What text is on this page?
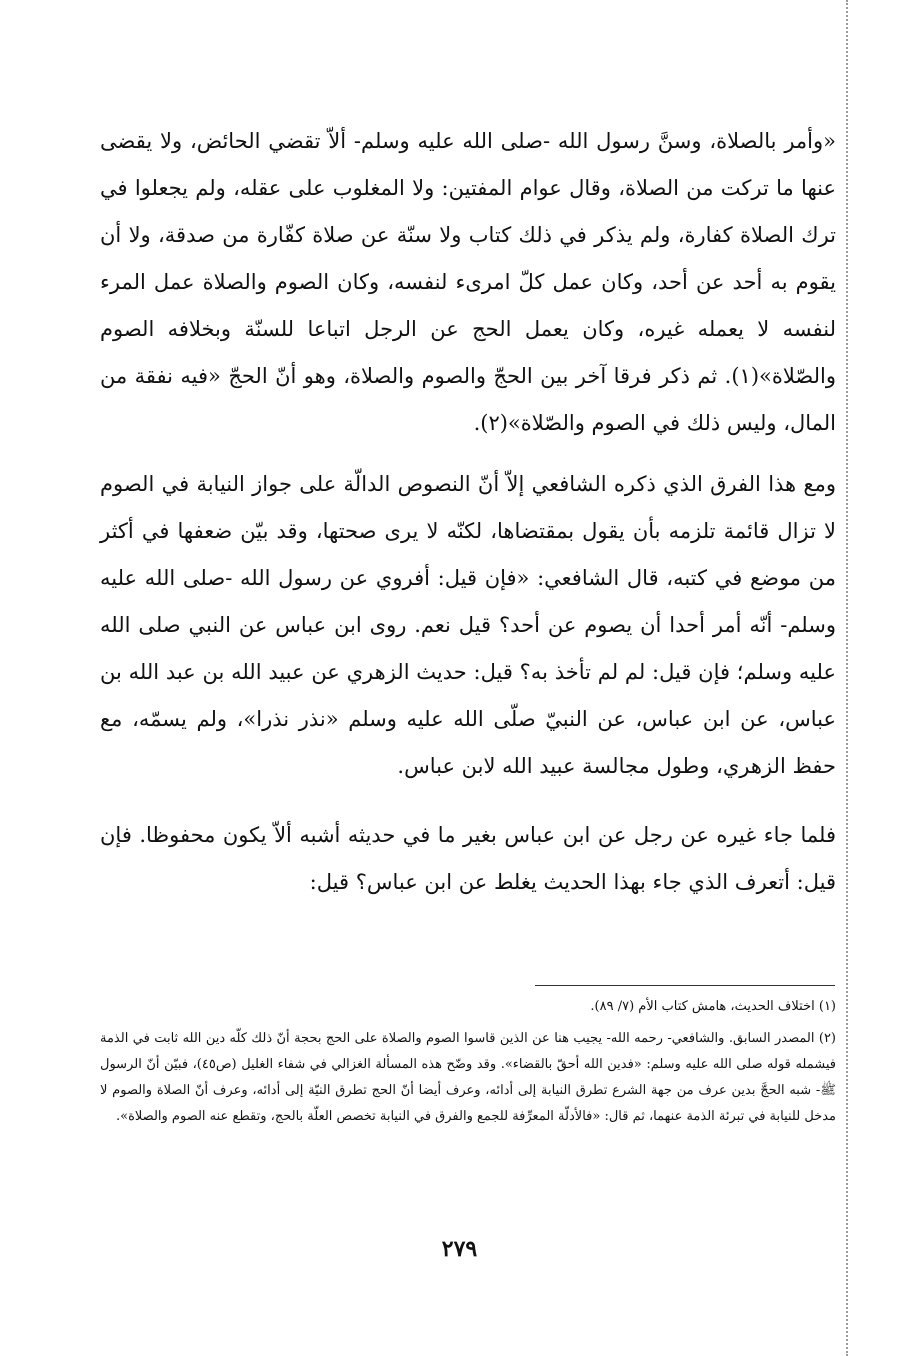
«وأمر بالصلاة، وسنَّ رسول الله -صلى الله عليه وسلم- ألاّ تقضي الحائض، ولا يقضى عنها ما تركت من الصلاة، وقال عوام المفتين: ولا المغلوب على عقله، ولم يجعلوا في ترك الصلاة كفارة، ولم يذكر في ذلك كتاب ولا سنّة عن صلاة كفّارة من صدقة، ولا أن يقوم به أحد عن أحد، وكان عمل كلّ امرىء لنفسه، وكان الصوم والصلاة عمل المرء لنفسه لا يعمله غيره، وكان يعمل الحج عن الرجل اتباعا للسنّة وبخلافه الصوم والصّلاة»(١). ثم ذكر فرقا آخر بين الحجّ والصوم والصلاة، وهو أنّ الحجّ «فيه نفقة من المال، وليس ذلك في الصوم والصّلاة»(٢).

ومع هذا الفرق الذي ذكره الشافعي إلاّ أنّ النصوص الدالّة على جواز النيابة في الصوم لا تزال قائمة تلزمه بأن يقول بمقتضاها، لكنّه لا يرى صحتها، وقد بيّن ضعفها في أكثر من موضع في كتبه، قال الشافعي: «فإن قيل: أفروي عن رسول الله -صلى الله عليه وسلم- أنّه أمر أحدا أن يصوم عن أحد؟ قيل نعم. روى ابن عباس عن النبي صلى الله عليه وسلم؛ فإن قيل: لم لم تأخذ به؟ قيل: حديث الزهري عن عبيد الله بن عبد الله بن عباس، عن ابن عباس، عن النبيّ صلّى الله عليه وسلم «نذر نذرا»، ولم يسمّه، مع حفظ الزهري، وطول مجالسة عبيد الله لابن عباس.

فلما جاء غيره عن رجل عن ابن عباس بغير ما في حديثه أشبه ألاّ يكون محفوظا. فإن قيل: أتعرف الذي جاء بهذا الحديث يغلط عن ابن عباس؟ قيل:

(١) اختلاف الحديث، هامش كتاب الأم (٧/ ٨٩).

(٢) المصدر السابق. والشافعي- رحمه الله- يجيب هنا عن الذين قاسوا الصوم والصلاة على الحج بحجة أنّ ذلك كلّه دين الله ثابت في الذمة فيشمله قوله صلى الله عليه وسلم: «فدين الله أحقّ بالقضاء». وقد وضّح هذه المسألة الغزالي في شفاء الغليل (ص٤٥)، فبيّن أنّ الرسول ﷺ- شبه الحجَّ بدين عرف من جهة الشرع تطرق النيابة إلى أدائه، وعرف أيضا أنّ الحج تطرق النيّة إلى أدائه، وعرف أنّ الصلاة والصوم لا مدخل للنيابة في تبرئة الذمة عنهما، ثم قال: «فالأدلّة المعرِّفة للجمع والفرق في النيابة تخصص العلّة بالحج، وتقطع عنه الصوم والصلاة».

٢٧٩
